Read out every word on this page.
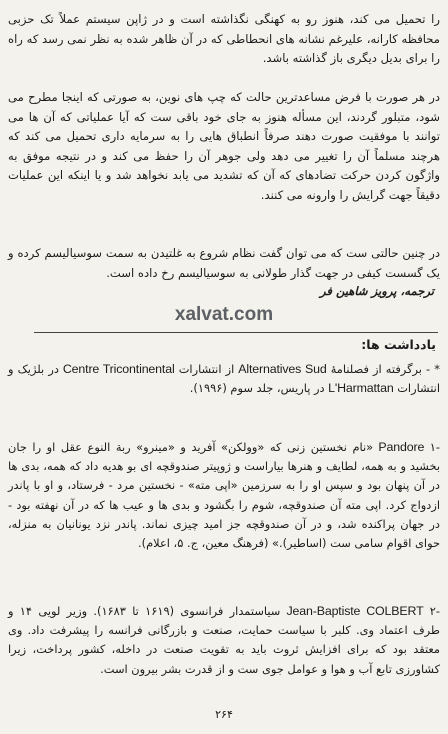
را تحمیل می کند، هنوز رو به کهنگی نگذاشته است و در ژاپن سیستم عملاً تک حزبی محافظه کارانه، علیرغم نشانه های انحطاطی که در آن ظاهر شده به نظر نمی رسد که راه را برای بدیل دیگری باز گذاشته باشد.
در هر صورت با فرض مساعدترین حالت که چپ های نوین، به صورتی که اینجا مطرح می شود، متبلور گردند، این مسأله هنوز به جای خود باقی ست که آیا عملیاتی که آن ها می توانند با موفقیت صورت دهند صرفاً انطباق هایی را به سرمایه داری تحمیل می کند که هرچند مسلماً آن را تغییر می دهد ولی جوهر آن را حفظ می کند و در نتیجه موفق به واژگون کردن حرکت تضادهای که آن که تشدید می یابد نخواهد شد و یا اینکه این عملیات دقیقاً جهت گرایش را وارونه می کنند.
در چنین حالتی ست که می توان گفت نظام شروع به غلتیدن به سمت سوسیالیسم کرده و یک گسست کیفی در جهت گذار طولانی به سوسیالیسم رخ داده است.
ترجمه، پرویز شاهین فر
xalvat.com
یادداشت ها:
* - برگرفته از فصلنامهٔ Alternatives Sud از انتشارات Centre Tricontinental در بلژیک و انتشارات L'Harmattan در پاریس، جلد سوم (۱۹۹۶).
-۱ Pandore «نام نخستین زنی که «وولکن» آفرید و «مینرو» ربة النوع عقل او را جان بخشید و به همه، لطایف و هنرها بیاراست و ژوپیتر صندوقچه ای بو هدیه داد که همه، بدی ها در آن پنهان بود و سپس او را به سرزمین «اپی مته» - نخستین مرد - فرستاد، و او با پاندر ازدواج کرد. اپی مته آن صندوقچه، شوم را بگشود و بدی ها و عیب ها که در آن نهفته بود - در جهان پراکنده شد، و در آن صندوقچه جز امید چیزی نماند. پاندر نزد یونانیان به منزله، حوای اقوام سامی ست (اساطیر).» (فرهنگ معین، ج. ۵، اعلام).
-۲ Jean-Baptiste COLBERT سیاستمدار فرانسوی (۱۶۱۹ تا ۱۶۸۳). وزیر لویی ۱۴ و طرف اعتماد وی. کلبر با سیاست حمایت، صنعت و بازرگانی فرانسه را پیشرفت داد. وی معتقد بود که برای افزایش ثروت باید به تقویت صنعت در داخله، کشور پرداخت، زیرا کشاورزی تابع آب و هوا و عوامل جوی ست و از قدرت بشر بیرون است.
۲۶۴
